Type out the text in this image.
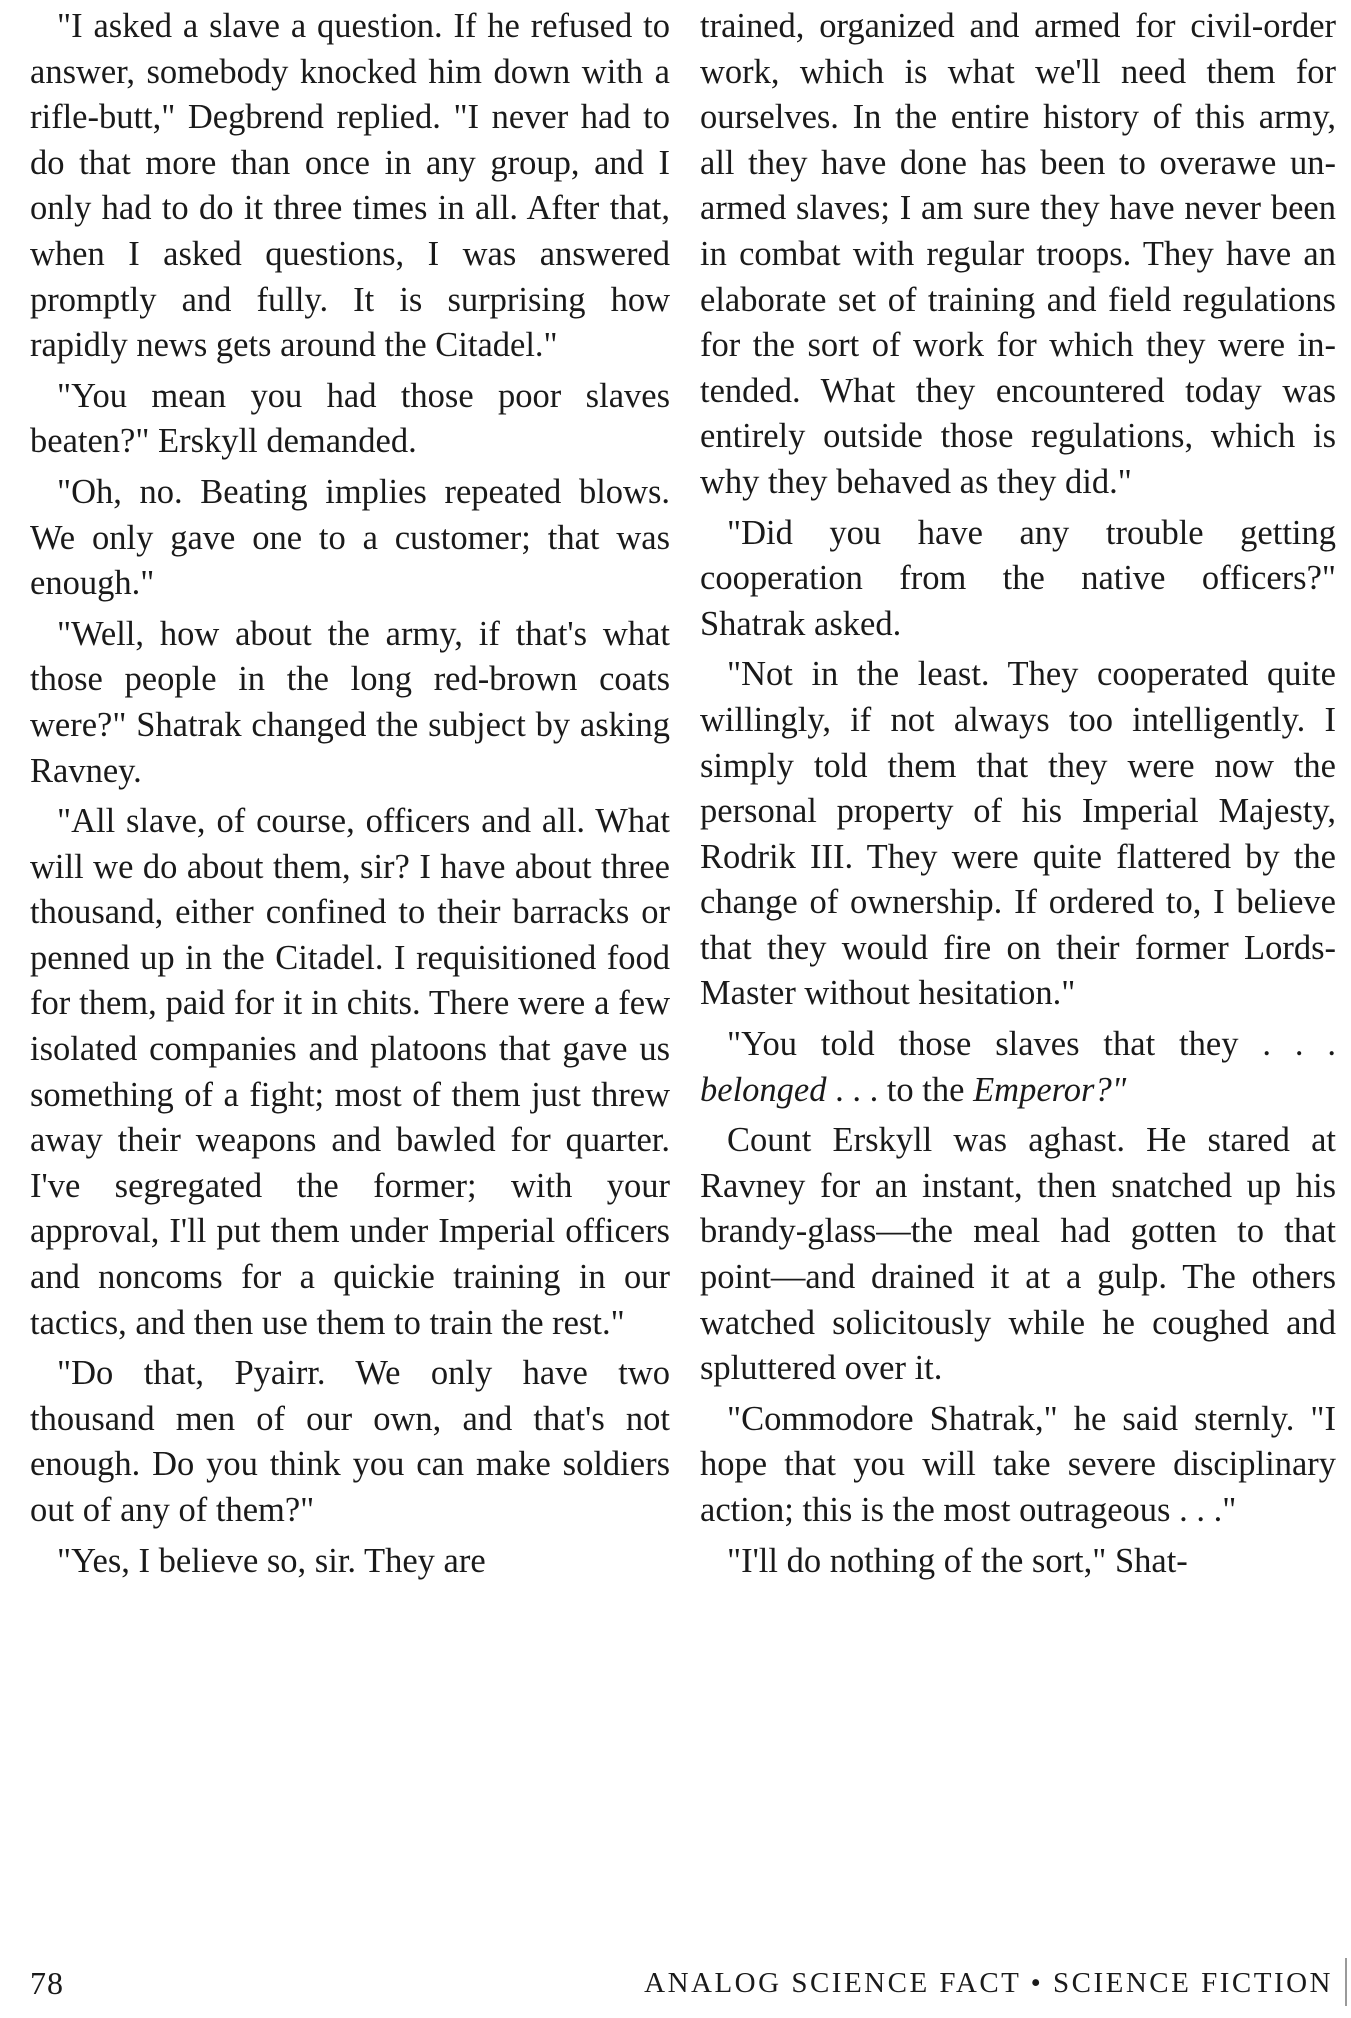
"I asked a slave a question. If he refused to answer, somebody knocked him down with a rifle-butt," Degbrend replied. "I never had to do that more than once in any group, and I only had to do it three times in all. After that, when I asked questions, I was answered promptly and fully. It is surprising how rapidly news gets around the Citadel."

"You mean you had those poor slaves beaten?" Erskyll demanded.

"Oh, no. Beating implies repeated blows. We only gave one to a customer; that was enough."

"Well, how about the army, if that's what those people in the long red-brown coats were?" Shatrak changed the subject by asking Ravney.

"All slave, of course, officers and all. What will we do about them, sir? I have about three thousand, either confined to their barracks or penned up in the Citadel. I requisitioned food for them, paid for it in chits. There were a few isolated companies and platoons that gave us something of a fight; most of them just threw away their weapons and bawled for quarter. I've segregated the former; with your approval, I'll put them under Imperial officers and noncoms for a quickie training in our tactics, and then use them to train the rest."

"Do that, Pyairr. We only have two thousand men of our own, and that's not enough. Do you think you can make soldiers out of any of them?"

"Yes, I believe so, sir. They are

trained, organized and armed for civil-order work, which is what we'll need them for ourselves. In the entire history of this army, all they have done has been to overawe unarmed slaves; I am sure they have never been in combat with regular troops. They have an elaborate set of training and field regulations for the sort of work for which they were intended. What they encountered today was entirely outside those regulations, which is why they behaved as they did."

"Did you have any trouble getting cooperation from the native officers?" Shatrak asked.

"Not in the least. They cooperated quite willingly, if not always too intelligently. I simply told them that they were now the personal property of his Imperial Majesty, Rodrik III. They were quite flattered by the change of ownership. If ordered to, I believe that they would fire on their former Lords-Master without hesitation."

"You told those slaves that they . . . belonged . . . to the Emperor?"

Count Erskyll was aghast. He stared at Ravney for an instant, then snatched up his brandy-glass—the meal had gotten to that point—and drained it at a gulp. The others watched solicitously while he coughed and spluttered over it.

"Commodore Shatrak," he said sternly. "I hope that you will take severe disciplinary action; this is the most outrageous . . ."

"I'll do nothing of the sort," Shat-

78	ANALOG SCIENCE FACT • SCIENCE FICTION
